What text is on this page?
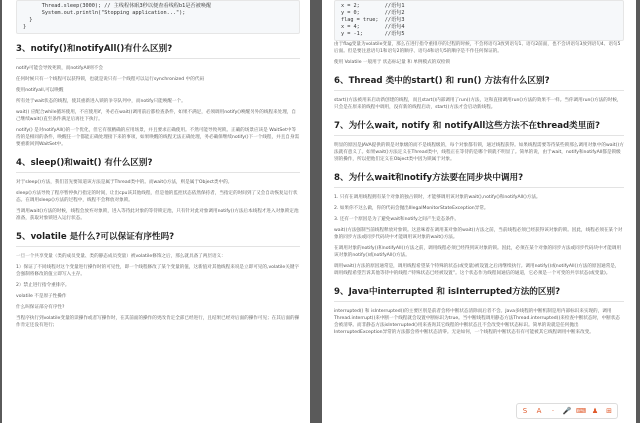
Thread.sleep(3000); // 主线程休眠3秒以便查看线程b1是否被唤醒
System.out.println("Stopping application...");
}
}
3、notify()和notifyAll()有什么区别?

notify可能会导致死锁，而notifyAll则不会

任何时候只有一个线程可以获得锁，也就是说只有一个线程可以运行synchronized 中的代码

使用notifyall,可以唤醒

所有处于wait状态的线程，使其重新进入锁的争夺队列中，而notify只能唤醒一个。

wait() 应配合while循环使用，不应使用if，务必在wait()调用前后都检查条件，如果不满足，必须调用notify()唤醒另外的线程来处理，自己继续wait()直至条件满足后再往下执行。

notify() 是对notifyAll()的一个优化，但它有很精确的应用场景，并且要求正确使用。不然可能导致死锁。正确的场景应该是 WaitSet中等待的是相同的条件，唤醒任一个都能正确处理接下来的事项，如果唤醒的线程无法正确处理，务必确保继续notify()下一个线程，并且自身需要重新回到WaitSet中。

4、sleep()和wait() 有什么区别?

对于sleep()方法，我们首先要知道该方法是属于Thread类中的。而wait()方法，则是属于Object类中的。

sleep()方法导致了程序暂停执行指定的时间，让出cpu该其他线程，但是他的监控状态依然保持者，当指定的时间到了又会自动恢复运行状态。在调用sleep()方法的过程中，线程不会释放对象锁。

当调用wait()方法的时候，线程会放弃对象锁，进入等待此对象的等待锁定池，只有针对此对象调用notify()方法后本线程才进入对象锁定池准备，获取对象锁进入运行状态。

5、volatile 是什么?可以保证有序性吗?

一旦一个共享变量（类的成员变量、类的静态成员变量）被volatile修饰之后，那么就具备了两层语义：

1）保证了不同线程对这个变量进行操作时的可见性，即一个线程修改了某个变量的值，这新值对其他线程来说是立即可见的,volatile关键字会强制将修改的值立即写入主存。

2）禁止进行指令重排序。

volatile 不是原子性操作

什么叫保证部分有序性?

当程序执行到volatile变量的读操作或者写操作时，在其前面的操作的更改肯定全部已经进行，且结果已经对后面的操作可见；在其后面的操作肯定还没有进行;

x = 2;        //语句1
y = 0;        //语句2
flag = true;  //语句3
x = 4;        //语句4
y = -1;       //语句5

由于flag变量为volatile变量，那么在进行指令重排序的过程的时候，不会将语句3放到语句1、语句2前面，也不会讲语句3放到语句4、语句5后面。但是要注意语句1和语句2的顺序、语句4和语句5的顺序是不作任何保证的。

使用 Volatile 一般用于 状态标记量 和 单例模式的双检锁

6、Thread 类中的start() 和 run() 方法有什么区别?

start()方法被用来启动新创建的线程，而且start()内部调用了run()方法，这和直接调用run()方法的效果不一样。当你调用run()方法的时候，只会是在原来的线程中调用，没有新的线程启动，start()方法才会启动新线程。

7、为什么wait, notify 和 notifyAll这些方法不在thread类里面?

明显的原因是JAVA提供的锁是对象级的而不是线程级的，每个对象都有锁，通过线程获得。如果线程需要等待某些锁那么调用对象中的wait()方法就有意义了。如果wait()方法定义在Thread类中，线程正在等待的是哪个锁就不明显了。简单的说，由于wait，notify和notifyAll都是锁级别的操作，所以把他们定义在Object类中因为锁属于对象。

8、为什么wait和notify方法要在同步块中调用?

1. 只有在调用线程拥有某个对象的独占锁时，才能够调用该对象的wait(),notify()和notifyAll()方法。

2. 如果你不这么做，你的代码会抛出IllegalMonitorStateException异常。

3. 还有一个原因是为了避免wait和notify之间产生竞态条件。

wait()方法强制当前线程释放对象锁。这意味着在调用某对象的wait()方法之前，当前线程必须已经获得该对象的锁。因此，线程必须在某个对象的同步方法或同步代码块中才能调用该对象的wait()方法。

在调用对象的notify()和notifyAll()方法之前，调用线程必须已经得到该对象的锁。因此，必须在某个对象的同步方法或同步代码块中才能调用该对象的notify()或notifyAll()方法。

调用wait()方法的原因通常是，调用线程希望某个特殊的状态(或变量)被设置之后再继续执行。调用notify()或notifyAll()方法的原因通常是，调用线程希望告诉其他等待中的线程:“特殊状态已经被设置”。这个状态作为线程间通信的通道，它必须是一个可变的共享状态(或变量)。

9、Java中interrupted 和 isInterrupted方法的区别?

interrupted() 和 isInterrupted()的主要区别是前者会将中断状态清除而后者不会。Java多线程的中断机制是用内部标识来实现的，调用Thread.interrupt()来中断一个线程就会设置中断标识为true。当中断线程调用静态方法Thread.interrupted()来检查中断状态时，中断状态会被清零。而非静态方法isInterrupted()用来查询其它线程的中断状态且不会改变中断状态标识。简单的说就是任何抛出InterruptedException异常的方法都会将中断状态清零。无论如何，一个线程的中断状态有有可能被其它线程调用中断来改变。

S	A	·	🎤 ⌨ ♟	⊞
